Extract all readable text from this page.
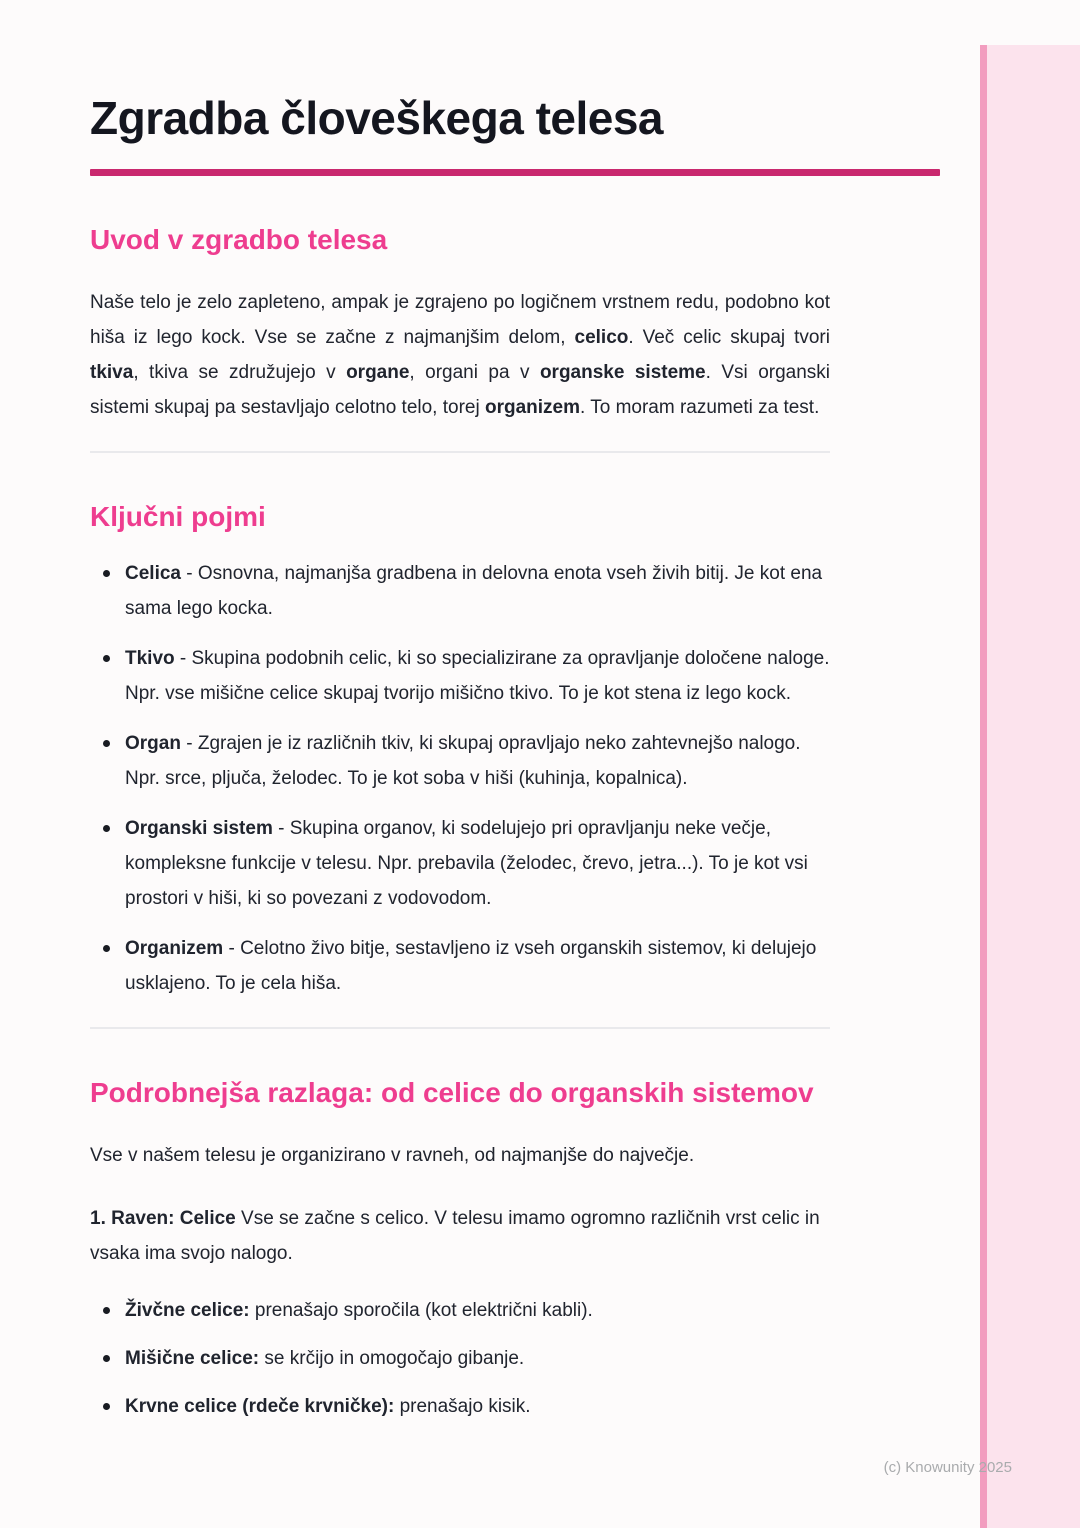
Zgradba človeškega telesa
Uvod v zgradbo telesa

Naše telo je zelo zapleteno, ampak je zgrajeno po logičnem vrstnem redu, podobno kot hiša iz lego kock. Vse se začne z najmanjšim delom, celico. Več celic skupaj tvori tkiva, tkiva se združujejo v organe, organi pa v organske sisteme. Vsi organski sistemi skupaj pa sestavljajo celotno telo, torej organizem. To moram razumeti za test.

Ključni pojmi
Celica - Osnovna, najmanjša gradbena in delovna enota vseh živih bitij. Je kot ena sama lego kocka.
Tkivo - Skupina podobnih celic, ki so specializirane za opravljanje določene naloge. Npr. vse mišične celice skupaj tvorijo mišično tkivo. To je kot stena iz lego kock.
Organ - Zgrajen je iz različnih tkiv, ki skupaj opravljajo neko zahtevnejšo nalogo. Npr. srce, pljuča, želodec. To je kot soba v hiši (kuhinja, kopalnica).
Organski sistem - Skupina organov, ki sodelujejo pri opravljanju neke večje, kompleksne funkcije v telesu. Npr. prebavila (želodec, črevo, jetra...). To je kot vsi prostori v hiši, ki so povezani z vodovodom.
Organizem - Celotno živo bitje, sestavljeno iz vseh organskih sistemov, ki delujejo usklajeno. To je cela hiša.
Podrobnejša razlaga: od celice do organskih sistemov

Vse v našem telesu je organizirano v ravneh, od najmanjše do največje.

1. Raven: Celice Vse se začne s celico. V telesu imamo ogromno različnih vrst celic in vsaka ima svojo nalogo.

Živčne celice: prenašajo sporočila (kot električni kabli).
Mišične celice: se krčijo in omogočajo gibanje.
Krvne celice (rdeče krvničke): prenašajo kisik.
(c) Knowunity 2025
